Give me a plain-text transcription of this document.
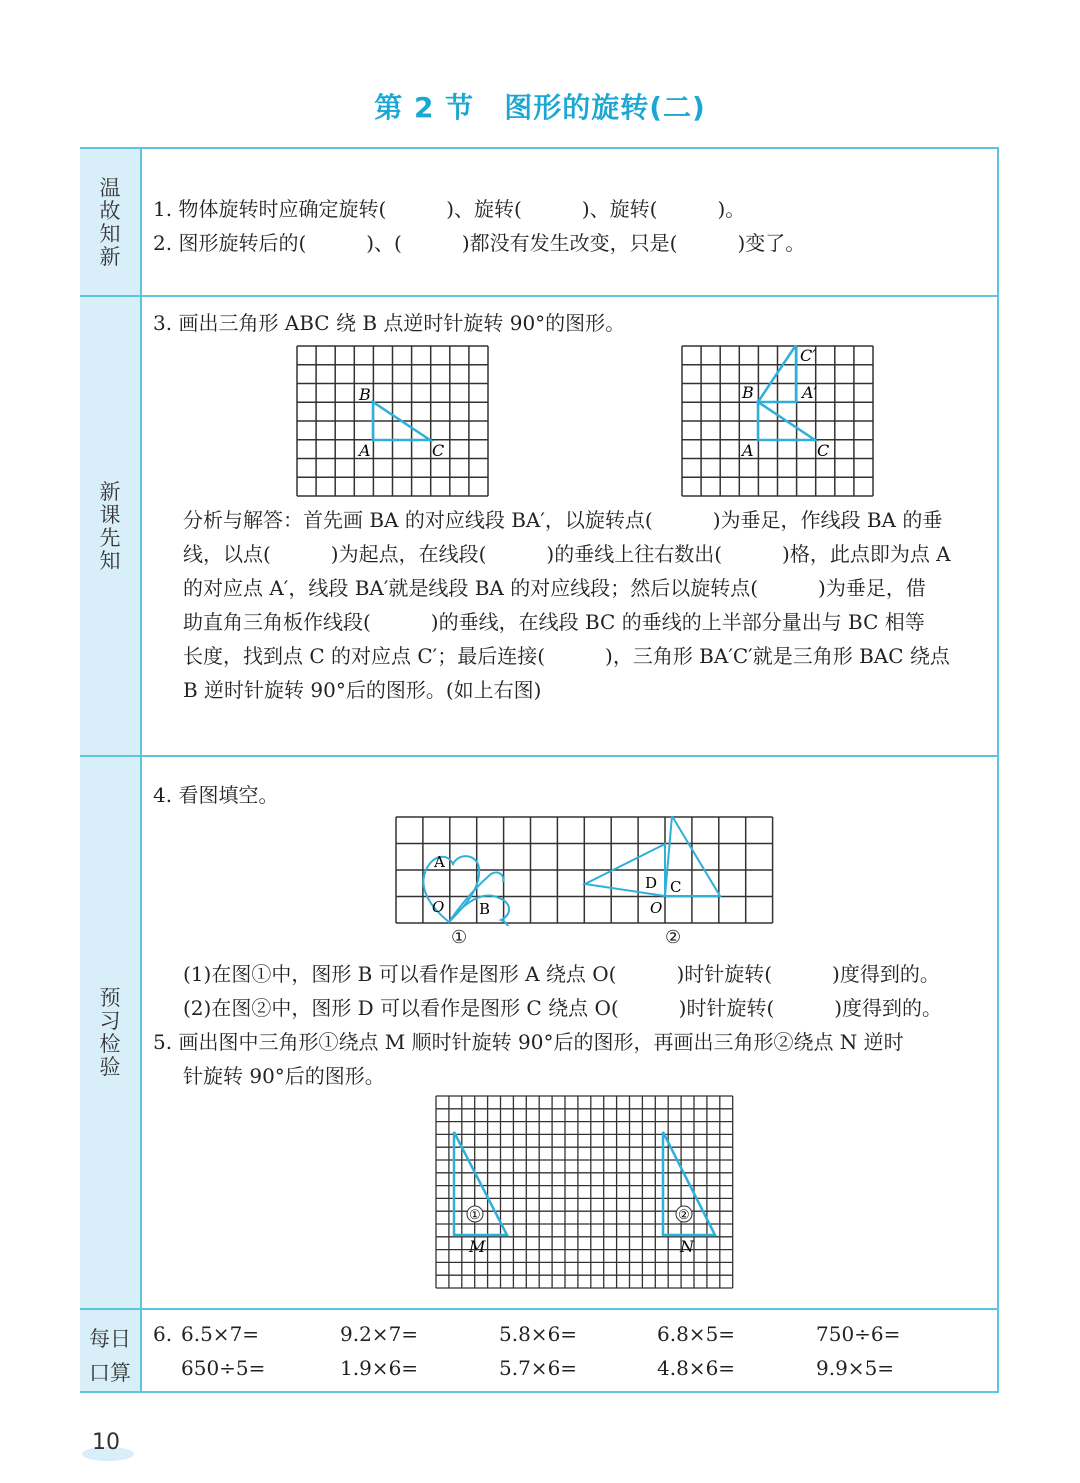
第 2 节 图形的旋转(二)
温
故
知
新
新
课
先
知
预
习
检
验
每日
口算
1. 物体旋转时应确定旋转(　　　)、旋转(　　　)、旋转(　　　)。
2. 图形旋转后的(　　　)、(　　　)都没有发生改变，只是(　　　)变了。
3. 画出三角形 ABC 绕 B 点逆时针旋转 90°的图形。
B
A	C
B
A	C
A′
C′
分析与解答：首先画 BA 的对应线段 BA′，以旋转点(　　　)为垂足，作线段 BA 的垂
线，以点(　　　)为起点，在线段(　　　)的垂线上往右数出(　　　)格，此点即为点 A
的对应点 A′，线段 BA′就是线段 BA 的对应线段；然后以旋转点(　　　)为垂足，借
助直角三角板作线段(　　　)的垂线，在线段 BC 的垂线的上半部分量出与 BC 相等
长度，找到点 C 的对应点 C′；最后连接(　　　)，三角形 BA′C′就是三角形 BAC 绕点
B 逆时针旋转 90°后的图形。(如上右图)
4. 看图填空。
A
B
O
D C
O
①	②
(1)在图①中，图形 B 可以看作是图形 A 绕点 O(　　　)时针旋转(　　　)度得到的。
(2)在图②中，图形 D 可以看作是图形 C 绕点 O(　　　)时针旋转(　　　)度得到的。
5. 画出图中三角形①绕点 M 顺时针旋转 90°后的图形，再画出三角形②绕点 N 逆时
针旋转 90°后的图形。
①	②
M	N
6. 6.5×7=	9.2×7=	5.8×6=	6.8×5=	750÷6=
650÷5=	1.9×6=	5.7×6=	4.8×6=	9.9×5=
10
